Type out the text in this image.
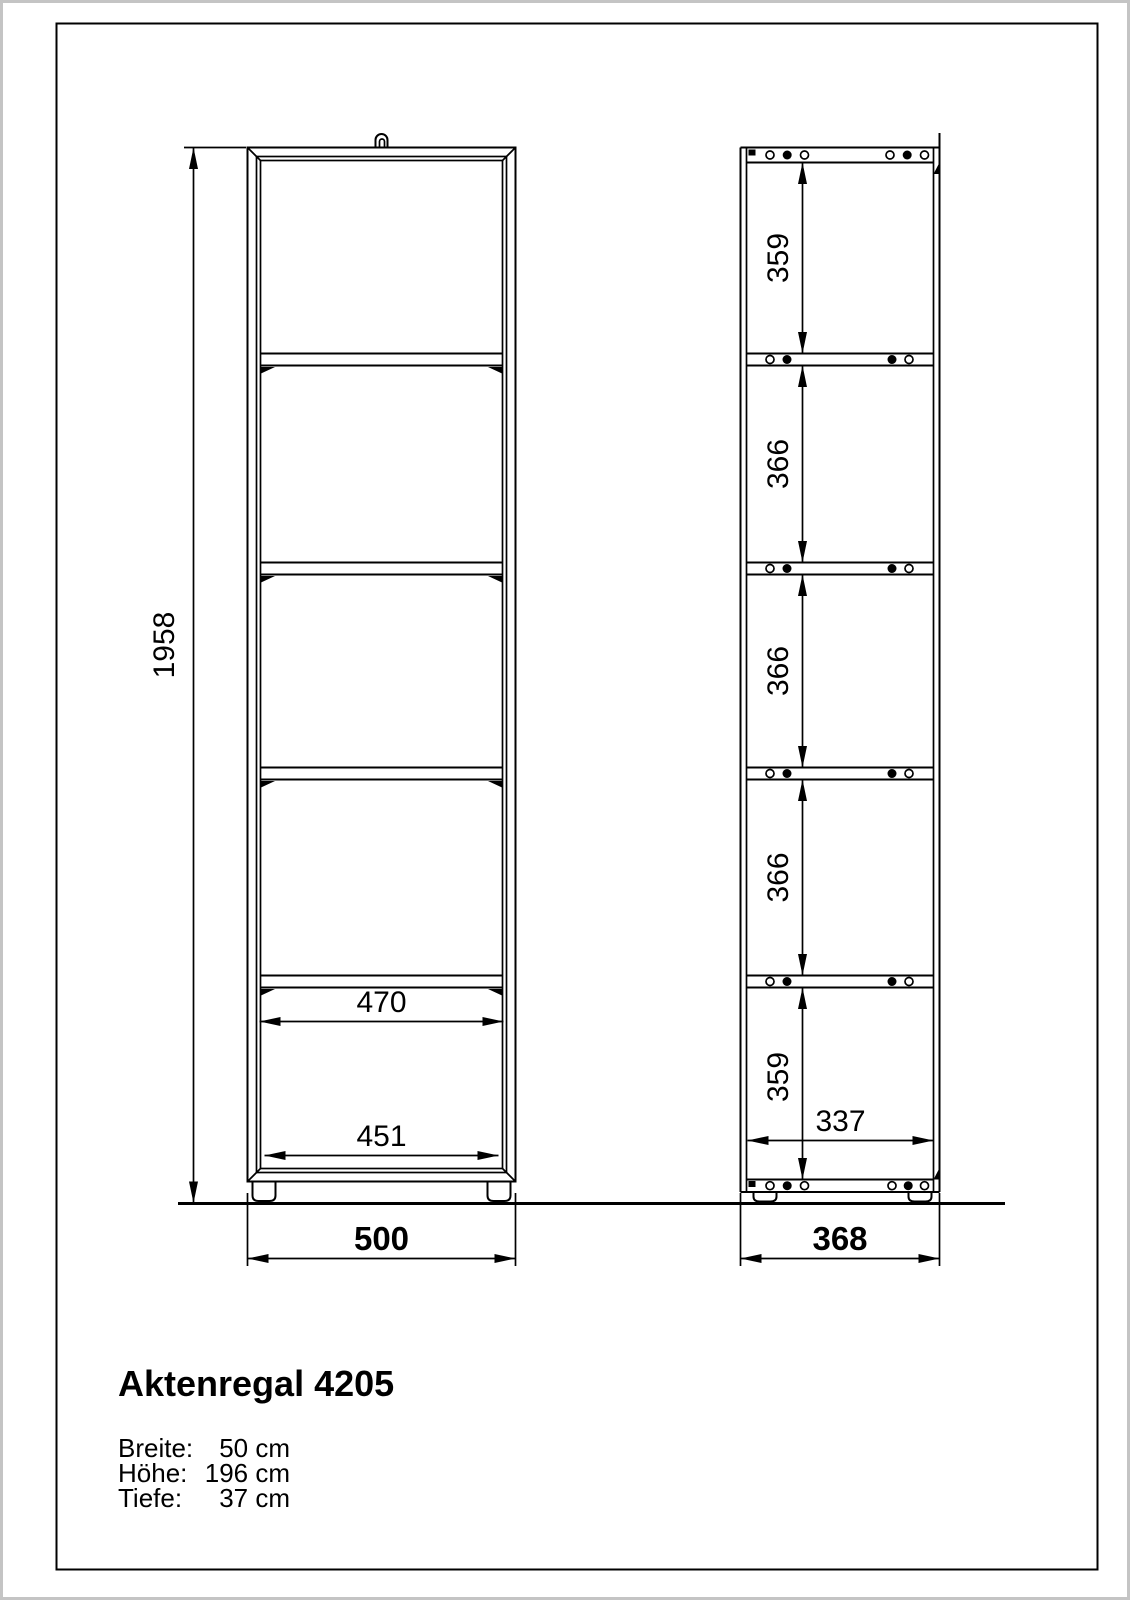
1958
470
451
500
359
366
366
366
359
337
368
Aktenregal 4205
Breite: 50 cm
Höhe: 196 cm
Tiefe: 37 cm
